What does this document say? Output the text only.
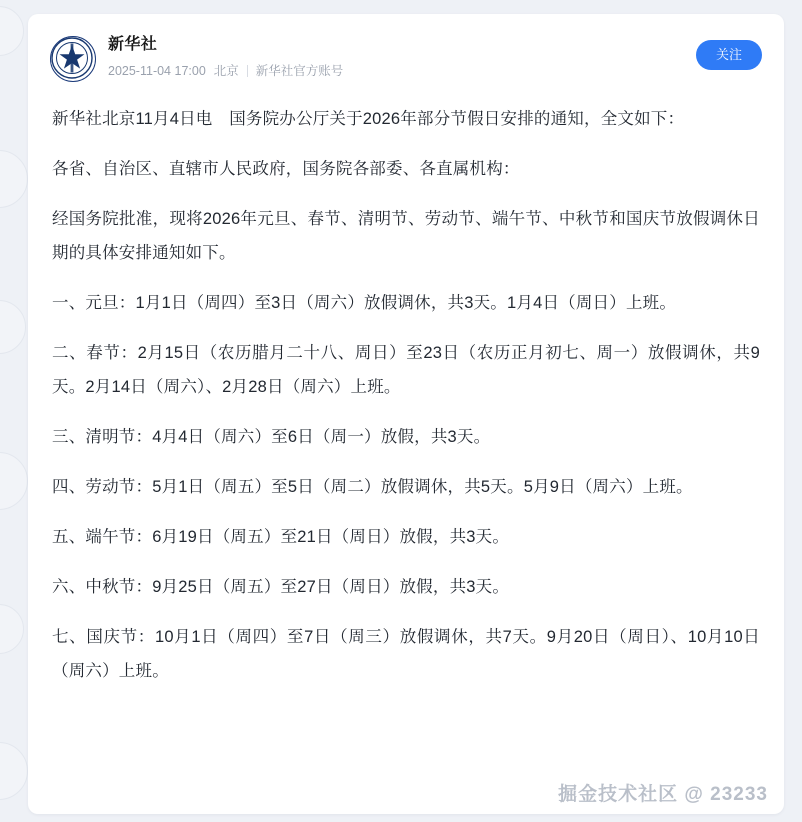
新华社
2025-11-04 17:00 北京 新华社官方账号
关注

新华社北京11月4日电　国务院办公厅关于2026年部分节假日安排的通知，全文如下：

各省、自治区、直辖市人民政府，国务院各部委、各直属机构：

经国务院批准，现将2026年元旦、春节、清明节、劳动节、端午节、中秋节和国庆节放假调休日期的具体安排通知如下。

一、元旦：1月1日（周四）至3日（周六）放假调休，共3天。1月4日（周日）上班。

二、春节：2月15日（农历腊月二十八、周日）至23日（农历正月初七、周一）放假调休，共9天。2月14日（周六）、2月28日（周六）上班。

三、清明节：4月4日（周六）至6日（周一）放假，共3天。

四、劳动节：5月1日（周五）至5日（周二）放假调休，共5天。5月9日（周六）上班。

五、端午节：6月19日（周五）至21日（周日）放假，共3天。

六、中秋节：9月25日（周五）至27日（周日）放假，共3天。

七、国庆节：10月1日（周四）至7日（周三）放假调休，共7天。9月20日（周日）、10月10日（周六）上班。

掘金技术社区 @ 23233
